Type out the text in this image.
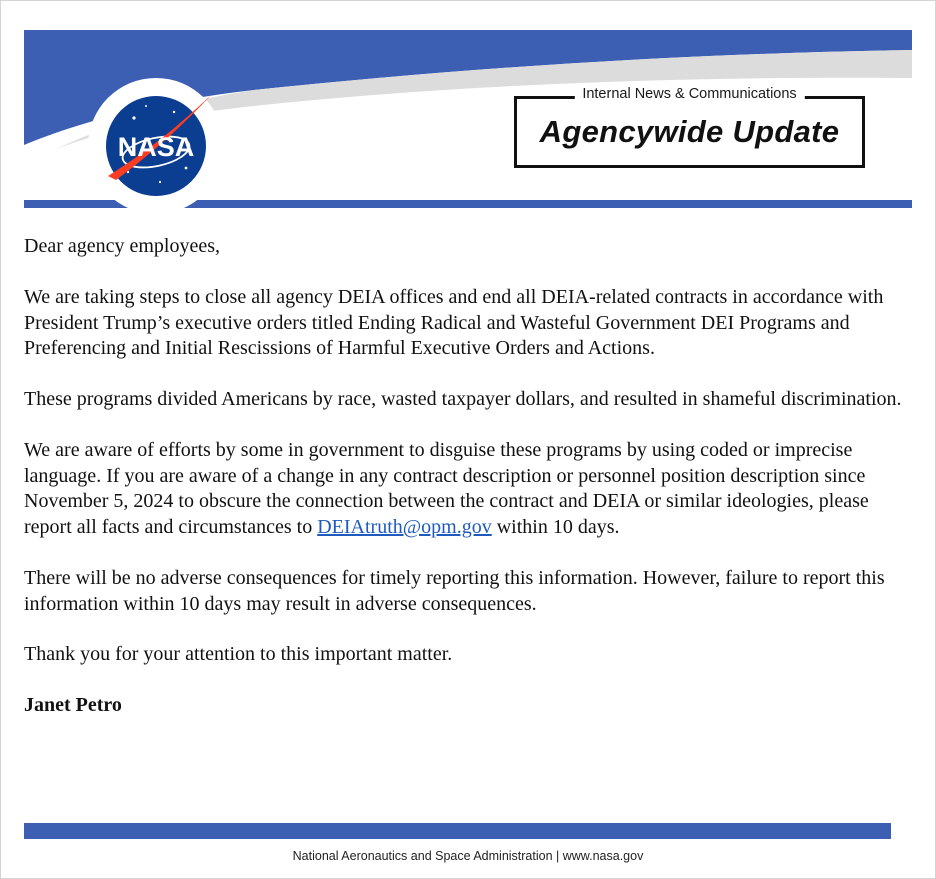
NASA
Internal News & Communications
Agencywide Update

Dear agency employees,

We are taking steps to close all agency DEIA offices and end all DEIA-related contracts in accordance with President Trump’s executive orders titled Ending Radical and Wasteful Government DEI Programs and Preferencing and Initial Rescissions of Harmful Executive Orders and Actions.

These programs divided Americans by race, wasted taxpayer dollars, and resulted in shameful discrimination.

We are aware of efforts by some in government to disguise these programs by using coded or imprecise language. If you are aware of a change in any contract description or personnel position description since November 5, 2024 to obscure the connection between the contract and DEIA or similar ideologies, please report all facts and circumstances to DEIAtruth@opm.gov within 10 days.

There will be no adverse consequences for timely reporting this information. However, failure to report this information within 10 days may result in adverse consequences.

Thank you for your attention to this important matter.

Janet Petro

National Aeronautics and Space Administration | www.nasa.gov
